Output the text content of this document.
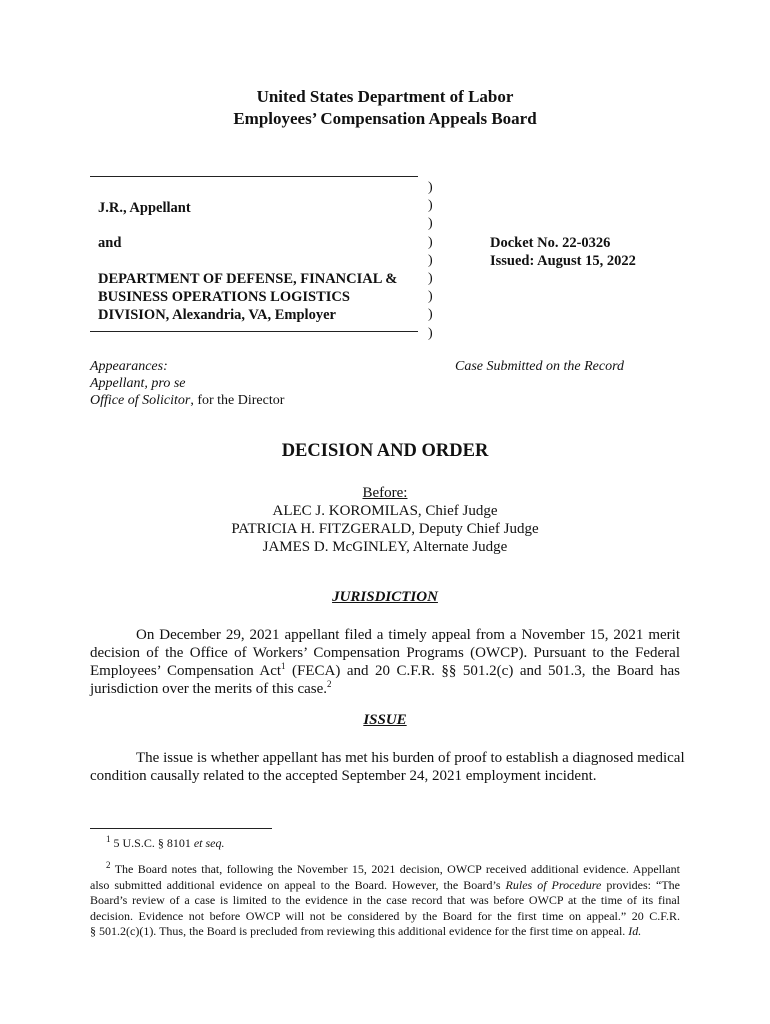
United States Department of Labor
Employees’ Compensation Appeals Board
J.R., Appellant
and
DEPARTMENT OF DEFENSE, FINANCIAL &
BUSINESS OPERATIONS LOGISTICS
DIVISION, Alexandria, VA, Employer
)
)
)
)
)
)
)
)
)
Docket No. 22-0326
Issued: August 15, 2022
Appearances:
Appellant, pro se
Office of Solicitor, for the Director
Case Submitted on the Record
DECISION AND ORDER
Before:
ALEC J. KOROMILAS, Chief Judge
PATRICIA H. FITZGERALD, Deputy Chief Judge
JAMES D. McGINLEY, Alternate Judge
JURISDICTION
On December 29, 2021 appellant filed a timely appeal from a November 15, 2021 merit
decision of the Office of Workers’ Compensation Programs (OWCP). Pursuant to the Federal
Employees’ Compensation Act$^1$ (FECA) and 20 C.F.R. §§ 501.2(c) and 501.3, the Board has
jurisdiction over the merits of this case.$^2$
ISSUE
The issue is whether appellant has met his burden of proof to establish a diagnosed medical
condition causally related to the accepted September 24, 2021 employment incident.
$^1$ 5 U.S.C. § 8101 et seq.
$^2$ The Board notes that, following the November 15, 2021 decision, OWCP received additional evidence. Appellant
also submitted additional evidence on appeal to the Board. However, the Board’s Rules of Procedure provides: “The
Board’s review of a case is limited to the evidence in the case record that was before OWCP at the time of its final
decision. Evidence not before OWCP will not be considered by the Board for the first time on appeal.” 20 C.F.R.
§ 501.2(c)(1). Thus, the Board is precluded from reviewing this additional evidence for the first time on appeal. Id.
